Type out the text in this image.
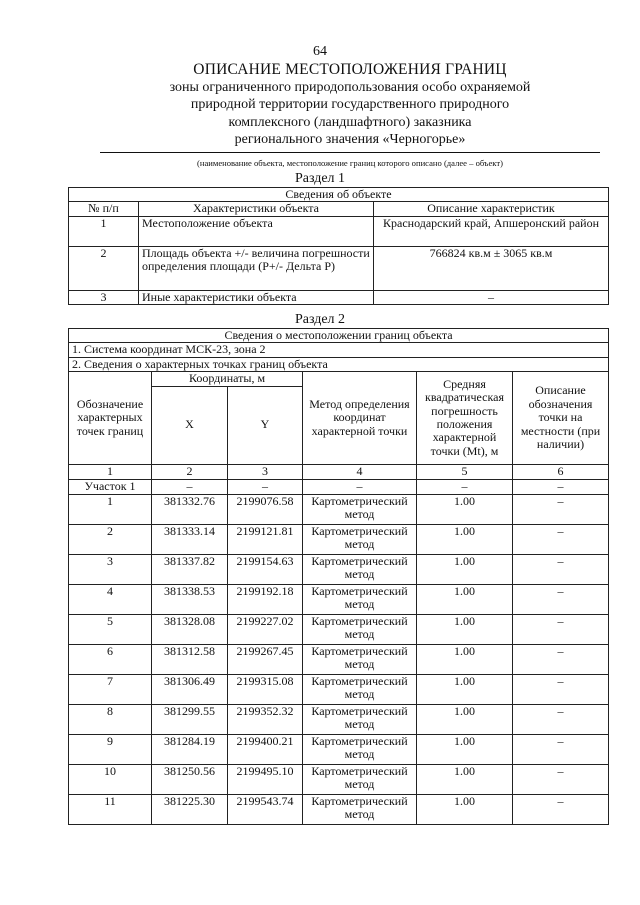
64
ОПИСАНИЕ МЕСТОПОЛОЖЕНИЯ ГРАНИЦ
зоны ограниченного природопользования особо охраняемой
природной территории государственного природного
комплексного (ландшафтного) заказника
регионального значения «Черногорье»
(наименование объекта, местоположение границ которого описано (далее – объект)
Раздел 1
Сведения об объекте		
№ п/п	Характеристики объекта	Описание характеристик
1	Местоположение объекта	Краснодарский край, Апшеронский район
2	Площадь объекта +/- величина погрешности определения площади (Р+/- Дельта Р)	766824 кв.м ± 3065 кв.м
3	Иные характеристики объекта	–
Раздел 2
Сведения о местоположении границ объекта					
1. Система координат МСК-23, зона 2					
2. Сведения о характерных точках границ объекта					
Обозначение характерных точек границ	Координаты, м		Метод определения координат характерной точки	Средняя квадратическая погрешность положения характерной точки (Mt), м	Описание обозначения точки на местности (при наличии)
	X	Y			
1	2	3	4	5	6
Участок 1	–	–	–	–	–
1	381332.76	2199076.58	Картометрический метод	1.00	–
2	381333.14	2199121.81	Картометрический метод	1.00	–
3	381337.82	2199154.63	Картометрический метод	1.00	–
4	381338.53	2199192.18	Картометрический метод	1.00	–
5	381328.08	2199227.02	Картометрический метод	1.00	–
6	381312.58	2199267.45	Картометрический метод	1.00	–
7	381306.49	2199315.08	Картометрический метод	1.00	–
8	381299.55	2199352.32	Картометрический метод	1.00	–
9	381284.19	2199400.21	Картометрический метод	1.00	–
10	381250.56	2199495.10	Картометрический метод	1.00	–
11	381225.30	2199543.74	Картометрический метод	1.00	–
